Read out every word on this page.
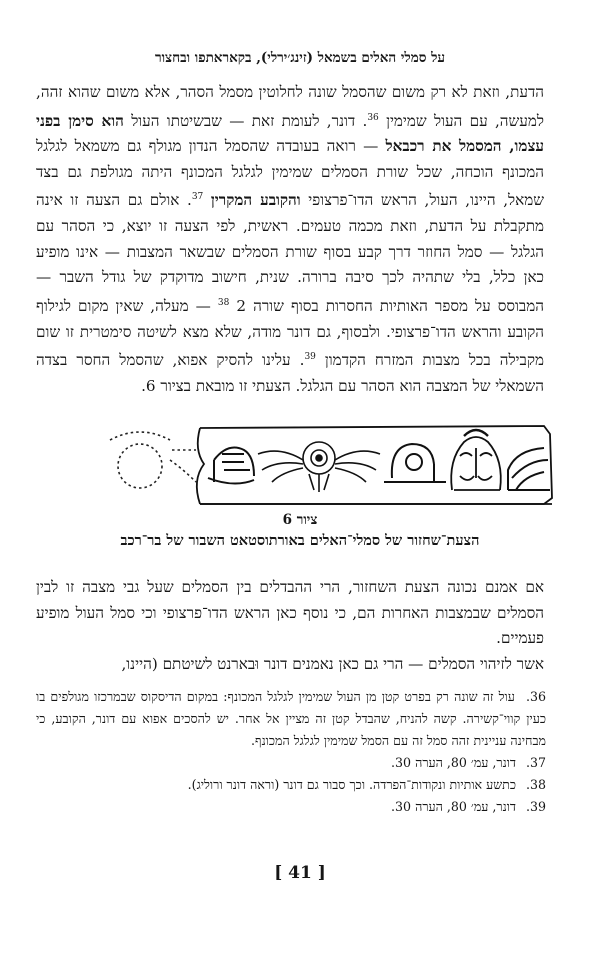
על סמלי האלים בשמאל (זינג׳ירלי), בקאראתפו ובחצור

הדעת, וזאת לא רק משום שהסמל שונה לחלוטין מסמל הסהר, אלא משום שהוא זהה, למעשה, עם העול שמימין $^{36}$. דונר, לעומת זאת — שבשיטתו העול הוא סימן בפני עצמו, המסמל את רכבאל — רואה בעובדה שהסמל הנדון מגולף גם משמאל לגלגל המכונף הוכחה, שכל שורת הסמלים שמימין לגלגל המכונף היתה מגולפת גם בצד שמאל, היינו, העול, הראש הדו־פרצופי והקובע המקרין $^{37}$. אולם גם הצעה זו אינה מתקבלת על הדעת, וזאת מכמה טעמים. ראשית, לפי הצעה זו יוצא, כי הסהר עם הגלגל — סמל החוזר דרך קבע בסוף שורת הסמלים שבשאר המצבות — אינו מופיע כאן כלל, בלי שתהיה לכך סיבה ברורה. שנית, חישוב מדוקדק של גודל השבר — המבוסס על מספר האותיות החסרות בסוף שורה 2 $^{38}$ — מעלה, שאין מקום לגילוף הקובע והראש הדו־פרצופי. ולבסוף, גם דונר מודה, שלא מצא לשיטה סימטרית זו שום מקבילה בכל מצבות המזרח הקדמון $^{39}$. עלינו להסיק אפוא, שהסמל החסר בצדה השמאלי של המצבה הוא הסהר עם הגלגל. הצעתי זו מובאת בציור 6.

ציור 6
הצעת־שחזור של סמלי־האלים באורתוסטאט השבור של בר־רכב

אם אמנם נכונה הצעת השחזור, הרי ההבדלים בין הסמלים שעל גבי מצבה זו לבין הסמלים שבמצבות האחרות הם, כי נוסף כאן הראש הדו־פרצופי וכי סמל העול מופיע פעמיים.

אשר לזיהוי הסמלים — הרי גם כאן נאמנים דונר וּבארנט לשיטתם (היינו,

36. עול זה שונה רק בפרט קטן מן העול שמימין לגלגל המכונף: במקום הדיסקוס שבמרכזו מגולפים בו כעין קווי־קשירה. קשה להניח, שהבדל קטן זה מציין אל אחר. יש להסכים אפוא עם דונר, הקובע, כי מבחינה עניינית זהה סמל זה עם הסמל שמימין לגלגל המכונף.
37. דונר, עמ׳ 80, הערה 30.
38. כתשע אותיות ונקודות־הפרדה. וכך סבור גם דונר (וראה דונר ורוליג).
39. דונר, עמ׳ 80, הערה 30.
[ 41 ]
